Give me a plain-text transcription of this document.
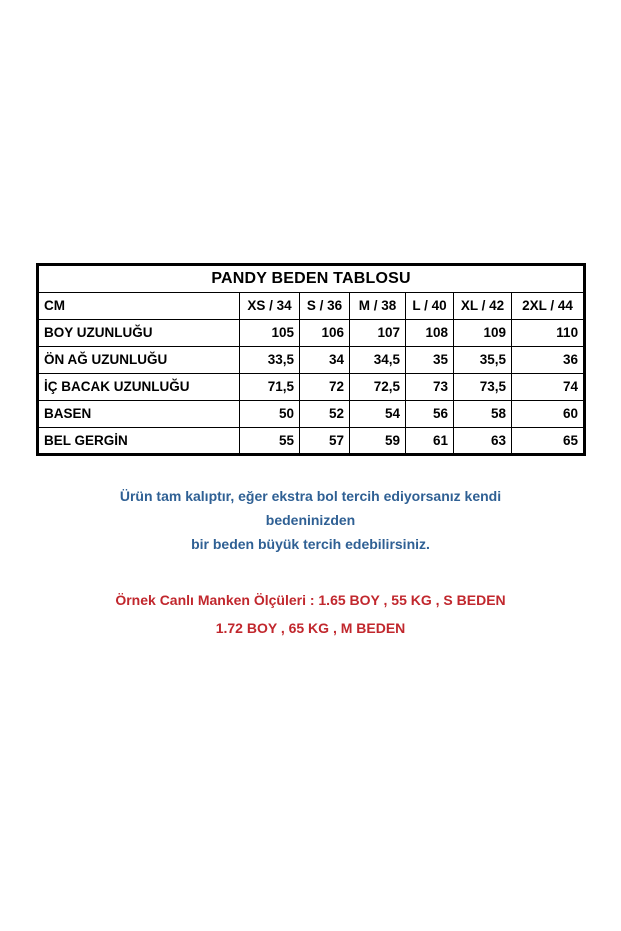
PANDY BEDEN TABLOSU						
CM	XS / 34	S / 36	M / 38	L / 40	XL / 42	2XL / 44
BOY UZUNLUĞU	105	106	107	108	109	110
ÖN AĞ UZUNLUĞU	33,5	34	34,5	35	35,5	36
İÇ BACAK UZUNLUĞU	71,5	72	72,5	73	73,5	74
BASEN	50	52	54	56	58	60
BEL GERGİN	55	57	59	61	63	65
Ürün tam kalıptır, eğer ekstra bol tercih ediyorsanız kendi
bedeninizden
bir beden büyük tercih edebilirsiniz.
Örnek Canlı Manken Ölçüleri : 1.65 BOY , 55 KG , S BEDEN
1.72 BOY , 65 KG , M BEDEN
